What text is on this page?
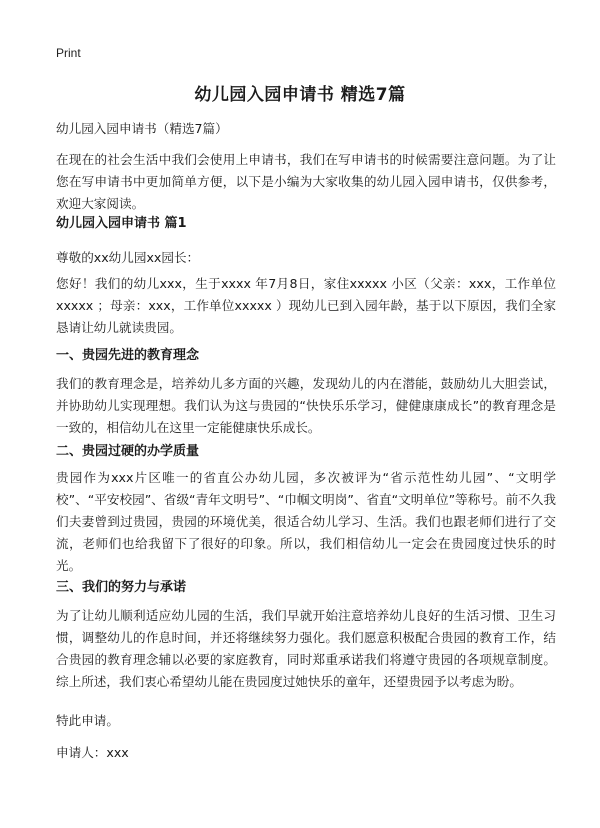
Print
幼儿园入园申请书 精选7篇

幼儿园入园申请书（精选7篇）

在现在的社会生活中我们会使用上申请书，我们在写申请书的时候需要注意问题。为了让您在写申请书中更加简单方便，以下是小编为大家收集的幼儿园入园申请书，仅供参考，欢迎大家阅读。

幼儿园入园申请书 篇1

尊敬的xx幼儿园xx园长：

您好！我们的幼儿xxx，生于xxxx 年7月8日，家住xxxxx 小区（父亲：xxx，工作单位xxxxx ；母亲：xxx，工作单位xxxxx ）现幼儿已到入园年龄，基于以下原因，我们全家恳请让幼儿就读贵园。

一、贵园先进的教育理念

我们的教育理念是，培养幼儿多方面的兴趣，发现幼儿的内在潜能，鼓励幼儿大胆尝试，并协助幼儿实现理想。我们认为这与贵园的“快快乐乐学习，健健康康成长”的教育理念是一致的，相信幼儿在这里一定能健康快乐成长。

二、贵园过硬的办学质量

贵园作为xxx片区唯一的省直公办幼儿园，多次被评为“省示范性幼儿园”、“文明学校”、“平安校园”、省级“青年文明号”、“巾帼文明岗”、省直“文明单位”等称号。前不久我们夫妻曾到过贵园，贵园的环境优美，很适合幼儿学习、生活。我们也跟老师们进行了交流，老师们也给我留下了很好的印象。所以，我们相信幼儿一定会在贵园度过快乐的时光。

三、我们的努力与承诺

为了让幼儿顺利适应幼儿园的生活，我们早就开始注意培养幼儿良好的生活习惯、卫生习惯，调整幼儿的作息时间，并还将继续努力强化。我们愿意积极配合贵园的教育工作，结合贵园的教育理念辅以必要的家庭教育，同时郑重承诺我们将遵守贵园的各项规章制度。综上所述，我们衷心希望幼儿能在贵园度过她快乐的童年，还望贵园予以考虑为盼。

特此申请。

申请人：xxx
